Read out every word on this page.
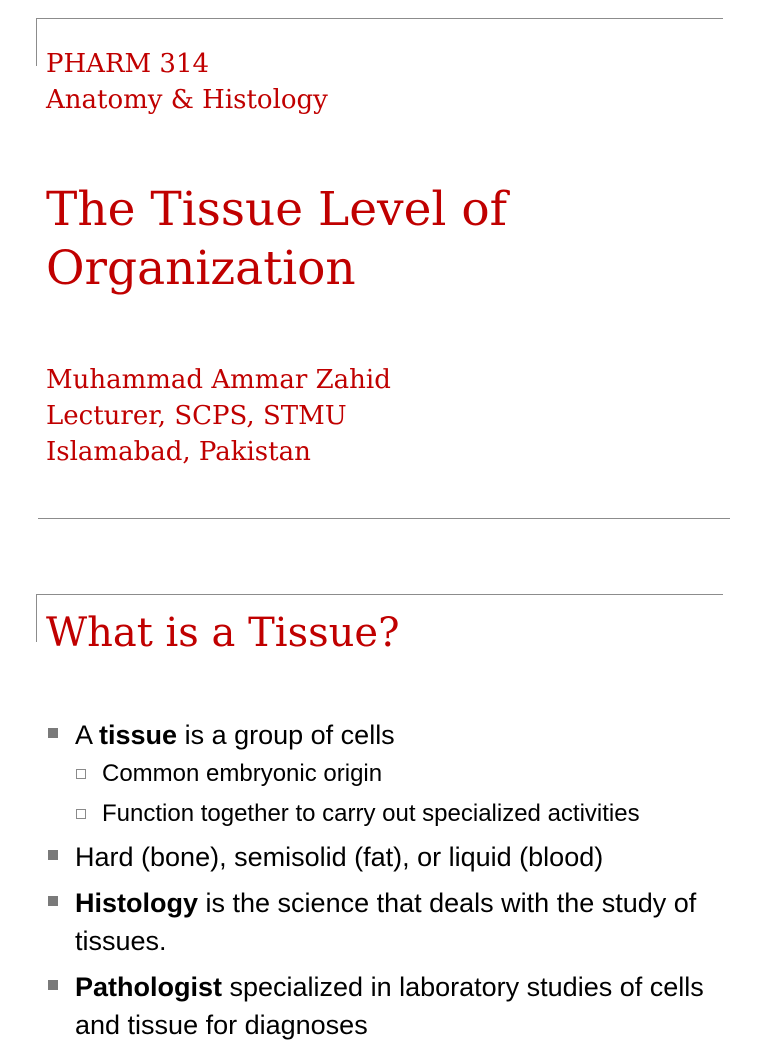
PHARM 314
Anatomy & Histology
The Tissue Level of
Organization
Muhammad Ammar Zahid
Lecturer, SCPS, STMU
Islamabad, Pakistan
What is a Tissue?
A tissue is a group of cells
Common embryonic origin
Function together to carry out specialized activities
Hard (bone), semisolid (fat), or liquid (blood)
Histology is the science that deals with the study of tissues.
Pathologist specialized in laboratory studies of cells and tissue for diagnoses
